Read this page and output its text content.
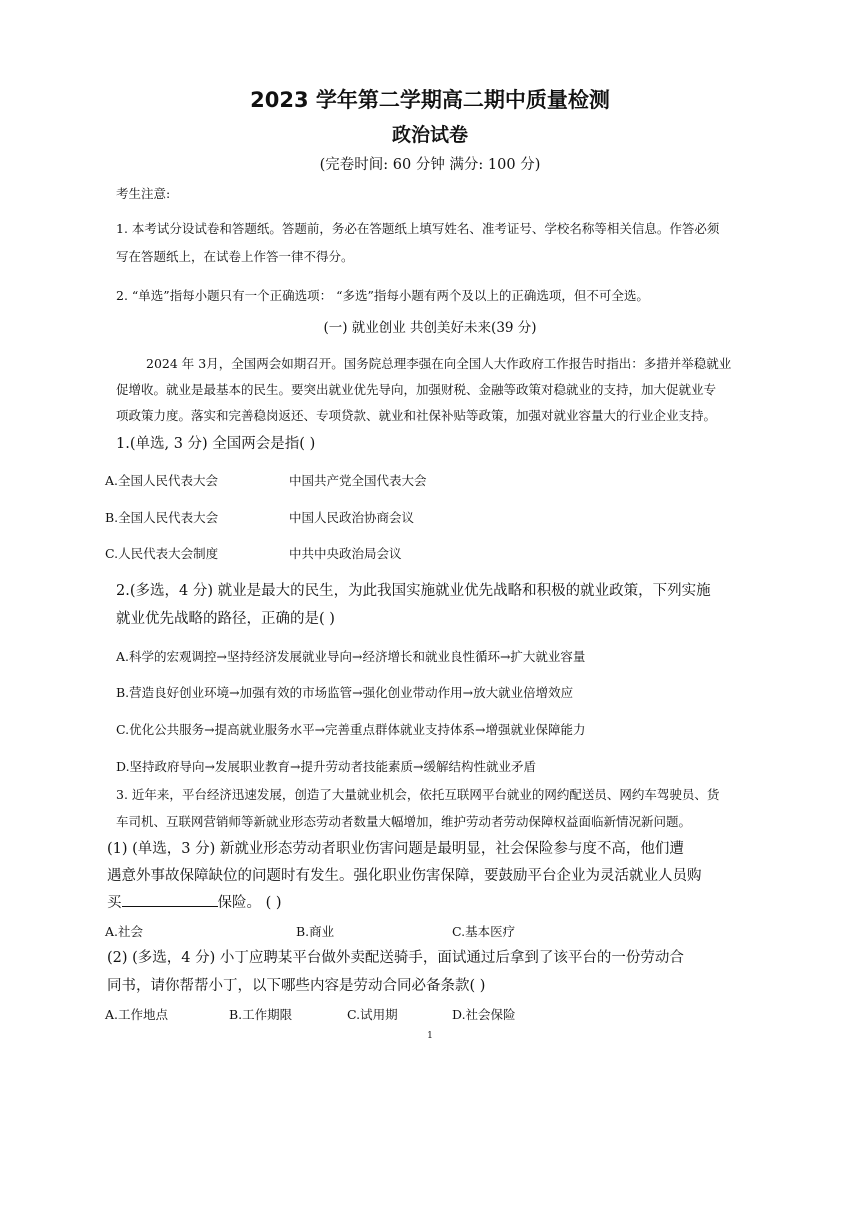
2023 学年第二学期高二期中质量检测
政治试卷
(完卷时间: 60 分钟 满分: 100 分)
考生注意:
1. 本考试分设试卷和答题纸。答题前，务必在答题纸上填写姓名、准考证号、学校名称等相关信息。作答必须
写在答题纸上，在试卷上作答一律不得分。
2. “单选”指每小题只有一个正确选项： “多选”指每小题有两个及以上的正确选项，但不可全选。
(一) 就业创业 共创美好未来(39 分)
2024 年 3月，全国两会如期召开。国务院总理李强在向全国人大作政府工作报告时指出：多措并举稳就业
促增收。就业是最基本的民生。要突出就业优先导向，加强财税、金融等政策对稳就业的支持，加大促就业专
项政策力度。落实和完善稳岗返还、专项贷款、就业和社保补贴等政策，加强对就业容量大的行业企业支持。
1.(单选, 3 分) 全国两会是指( )
A.全国人民代表大会	中国共产党全国代表大会
B.全国人民代表大会	中国人民政治协商会议
C.人民代表大会制度	中共中央政治局会议
2.(多选，4 分) 就业是最大的民生，为此我国实施就业优先战略和积极的就业政策，下列实施
就业优先战略的路径，正确的是( )
A.科学的宏观调控→坚持经济发展就业导向→经济增长和就业良性循环→扩大就业容量
B.营造良好创业环境→加强有效的市场监管→强化创业带动作用→放大就业倍增效应
C.优化公共服务→提高就业服务水平→完善重点群体就业支持体系→增强就业保障能力
D.坚持政府导向→发展职业教育→提升劳动者技能素质→缓解结构性就业矛盾
3. 近年来，平台经济迅速发展，创造了大量就业机会，依托互联网平台就业的网约配送员、网约车驾驶员、货
车司机、互联网营销师等新就业形态劳动者数量大幅增加，维护劳动者劳动保障权益面临新情况新问题。
(1) (单选，3 分) 新就业形态劳动者职业伤害问题是最明显，社会保险参与度不高，他们遭
遇意外事故保障缺位的问题时有发生。强化职业伤害保障，要鼓励平台企业为灵活就业人员购
买	保险。 ( )
A.社会	B.商业	C.基本医疗
(2) (多选，4 分) 小丁应聘某平台做外卖配送骑手，面试通过后拿到了该平台的一份劳动合
同书，请你帮帮小丁，以下哪些内容是劳动合同必备条款( )
A.工作地点	B.工作期限	C.试用期	D.社会保险
1
